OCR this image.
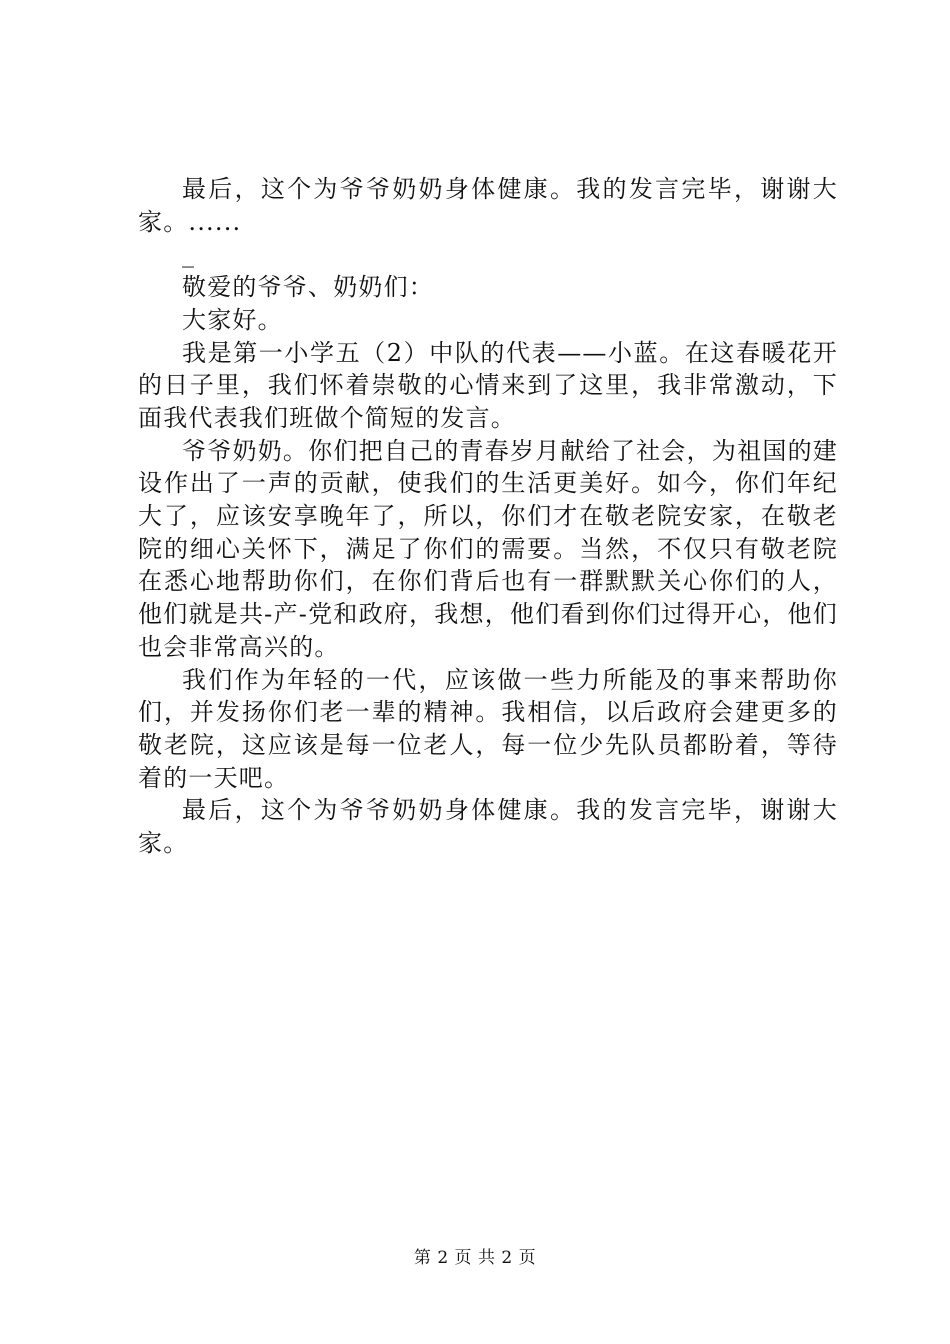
最后，这个为爷爷奶奶身体健康。我的发言完毕，谢谢大家。......

_

敬爱的爷爷、奶奶们：

大家好。

我是第一小学五（2）中队的代表——小蓝。在这春暖花开的日子里，我们怀着崇敬的心情来到了这里，我非常激动，下面我代表我们班做个简短的发言。

爷爷奶奶。你们把自己的青春岁月献给了社会，为祖国的建设作出了一声的贡献，使我们的生活更美好。如今，你们年纪大了，应该安享晚年了，所以，你们才在敬老院安家，在敬老院的细心关怀下，满足了你们的需要。当然，不仅只有敬老院在悉心地帮助你们，在你们背后也有一群默默关心你们的人，他们就是共-产-党和政府，我想，他们看到你们过得开心，他们也会非常高兴的。

我们作为年轻的一代，应该做一些力所能及的事来帮助你们，并发扬你们老一辈的精神。我相信，以后政府会建更多的敬老院，这应该是每一位老人，每一位少先队员都盼着，等待着的一天吧。

最后，这个为爷爷奶奶身体健康。我的发言完毕，谢谢大家。

第 2 页 共 2 页
